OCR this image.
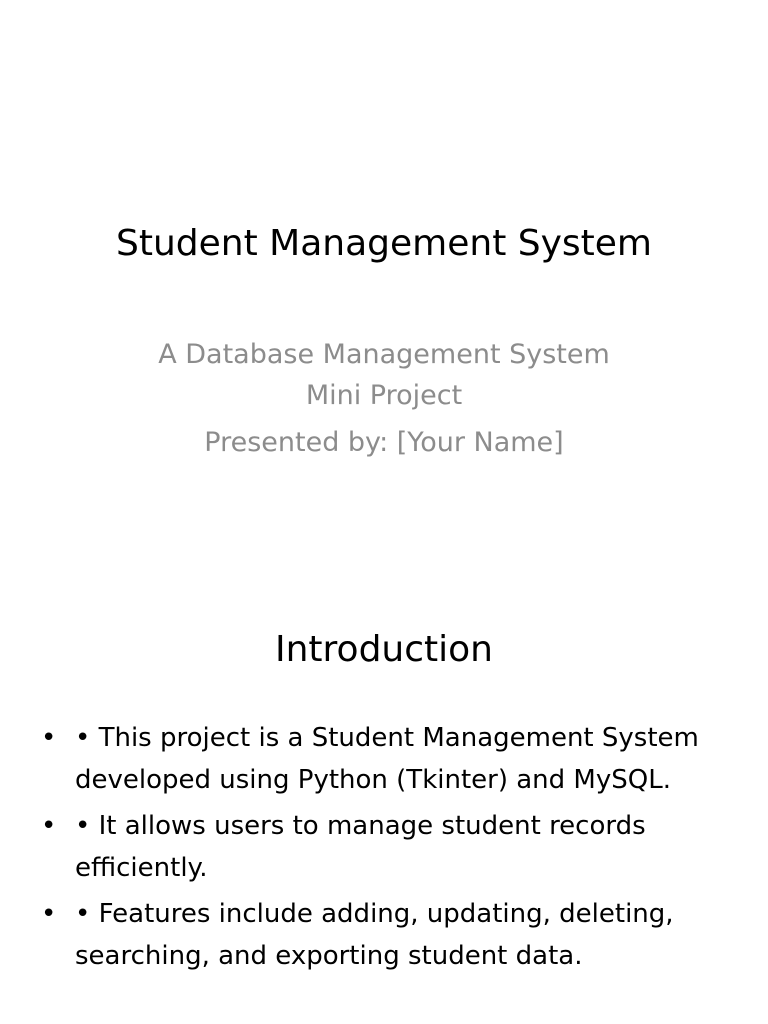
Student Management System
A Database Management System
Mini Project
Presented by: [Your Name]
Introduction
• • This project is a Student Management System developed using Python (Tkinter) and MySQL.
• • It allows users to manage student records efficiently.
• • Features include adding, updating, deleting, searching, and exporting student data.
